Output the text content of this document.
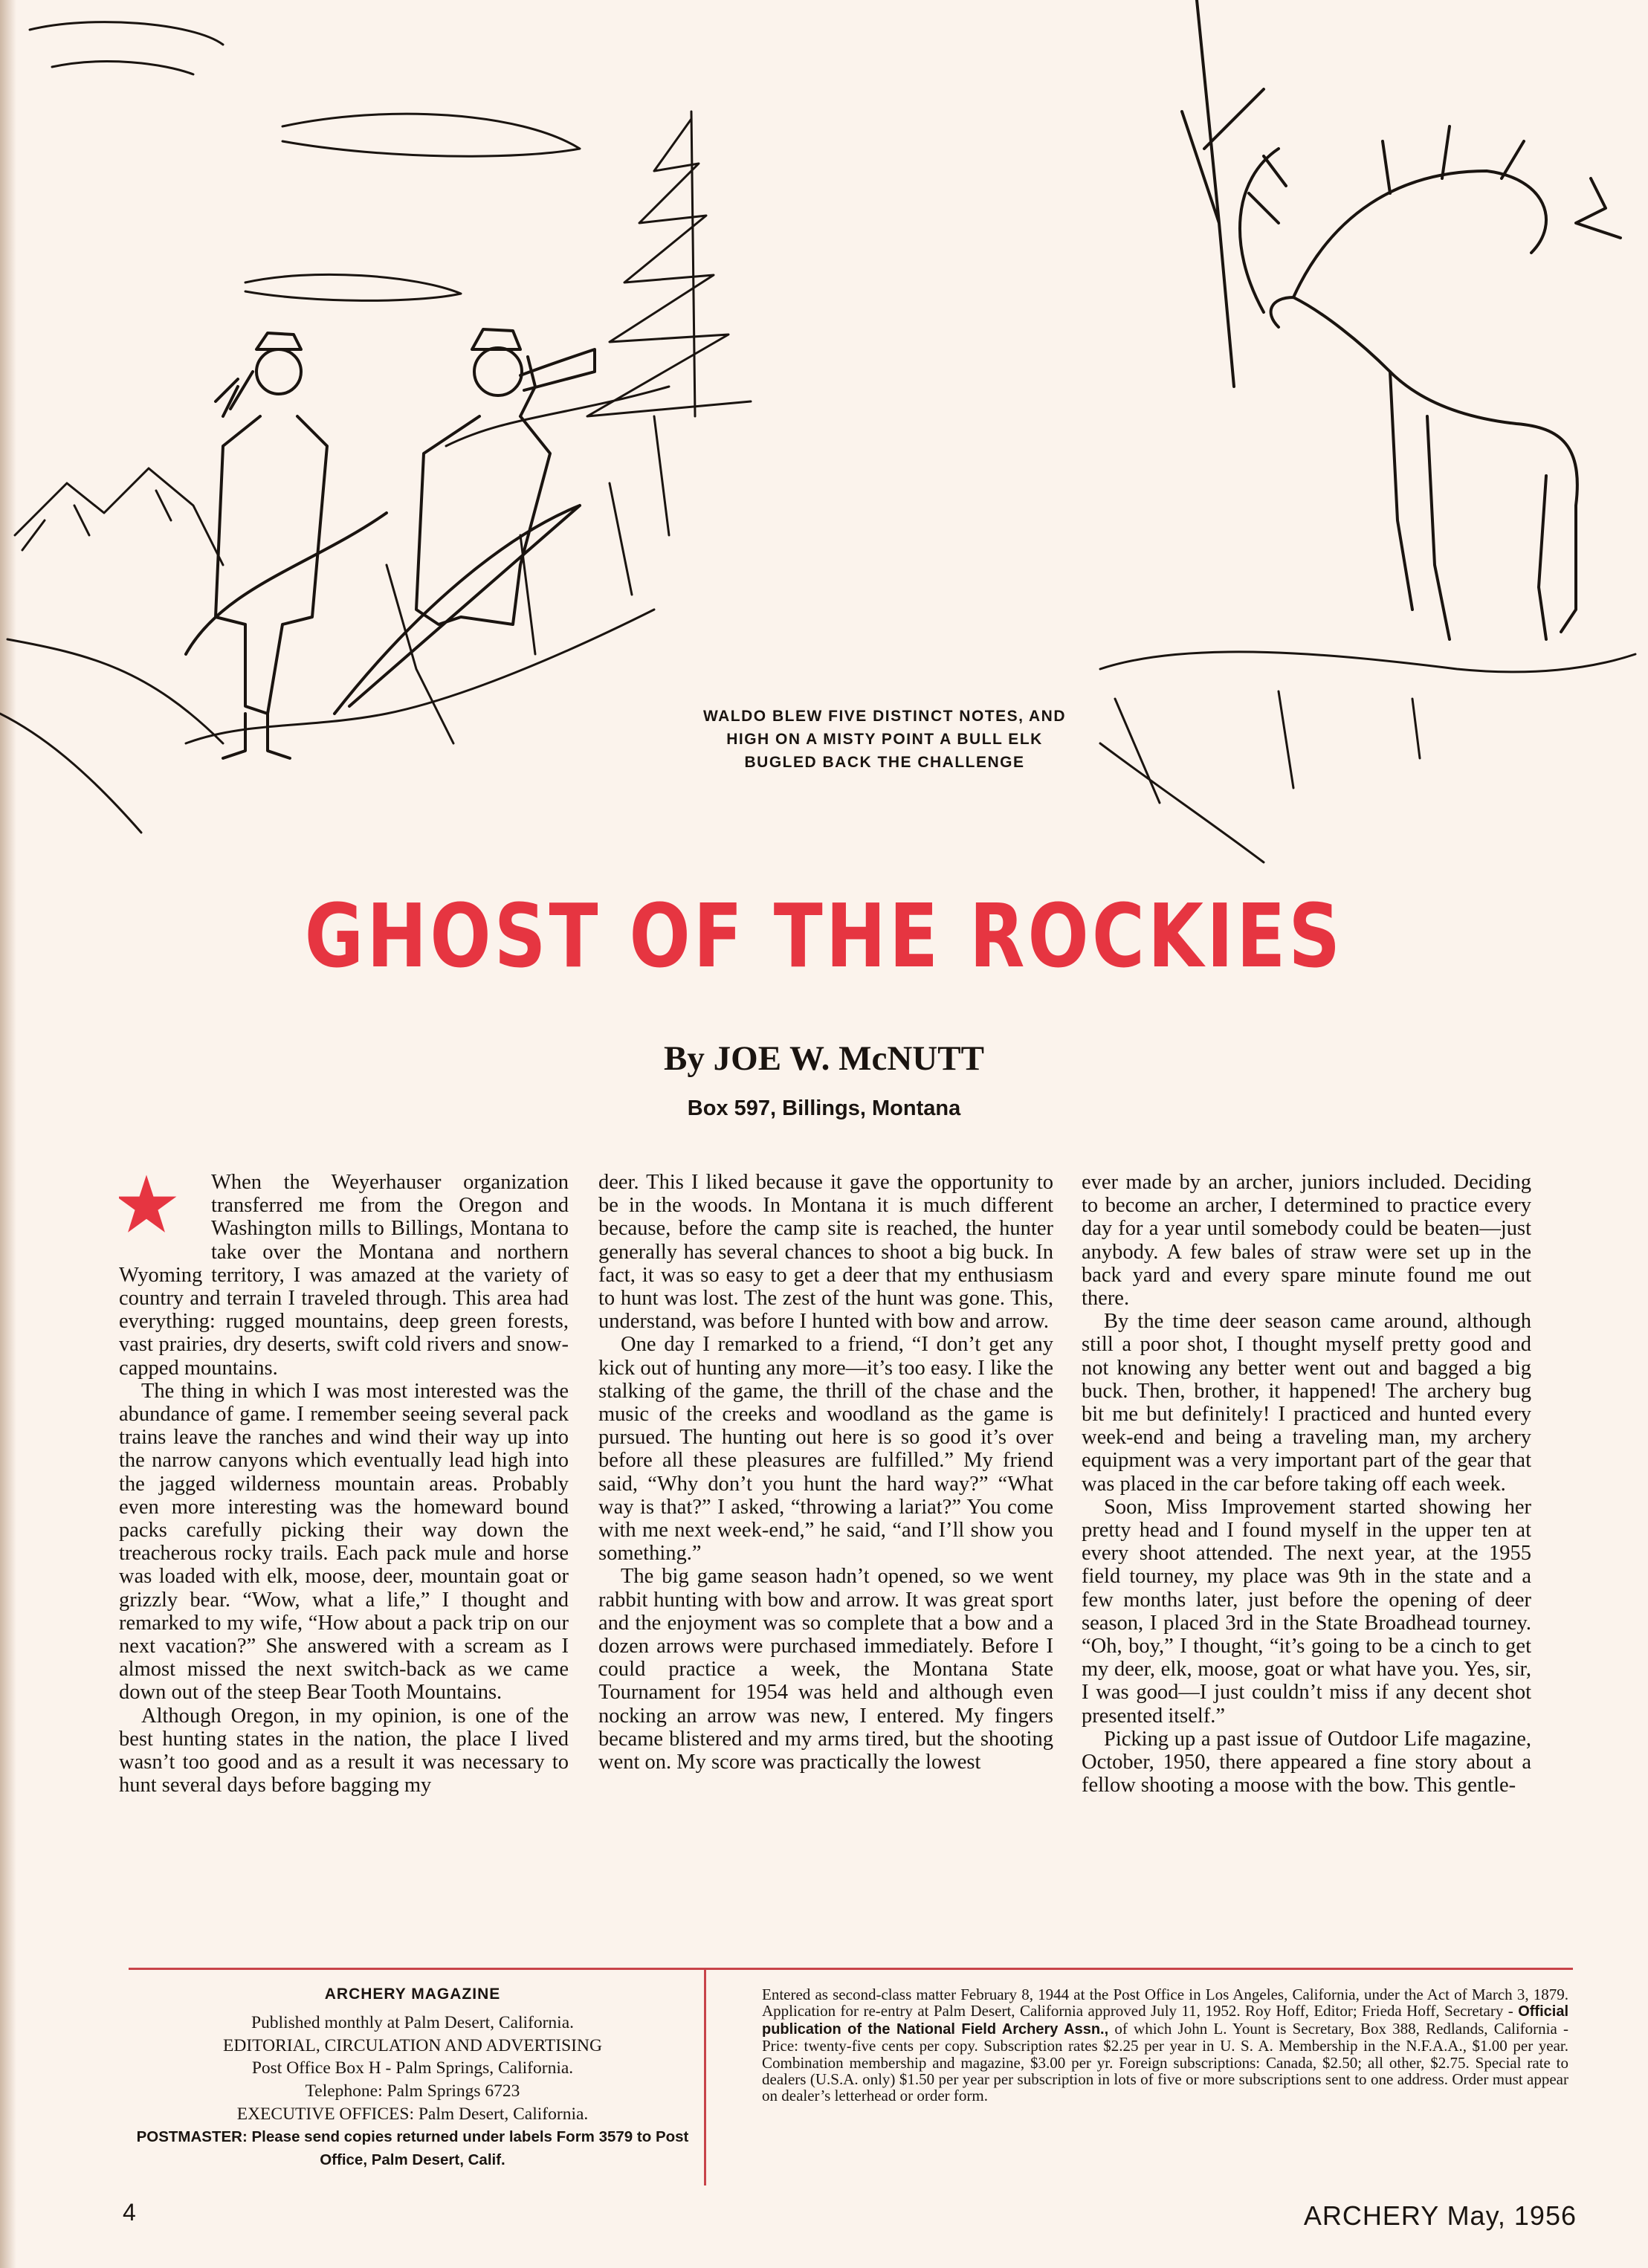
WALDO BLEW FIVE DISTINCT NOTES, AND HIGH ON A MISTY POINT A BULL ELK BUGLED BACK THE CHALLENGE
GHOST OF THE ROCKIES
By JOE W. McNUTT
Box 597, Billings, Montana

When the Weyerhauser organization transferred me from the Oregon and Washington mills to Billings, Montana to take over the Montana and northern Wyoming territory, I was amazed at the variety of country and terrain I traveled through. This area had everything: rugged mountains, deep green forests, vast prairies, dry deserts, swift cold rivers and snow-capped mountains.

The thing in which I was most interested was the abundance of game. I remember seeing several pack trains leave the ranches and wind their way up into the narrow canyons which eventually lead high into the jagged wilderness mountain areas. Probably even more interesting was the homeward bound packs carefully picking their way down the treacherous rocky trails. Each pack mule and horse was loaded with elk, moose, deer, mountain goat or grizzly bear. “Wow, what a life,” I thought and remarked to my wife, “How about a pack trip on our next vacation?” She answered with a scream as I almost missed the next switch-back as we came down out of the steep Bear Tooth Mountains.

Although Oregon, in my opinion, is one of the best hunting states in the nation, the place I lived wasn’t too good and as a result it was necessary to hunt several days before bagging my

deer. This I liked because it gave the opportunity to be in the woods. In Montana it is much different because, before the camp site is reached, the hunter generally has several chances to shoot a big buck. In fact, it was so easy to get a deer that my enthusiasm to hunt was lost. The zest of the hunt was gone. This, understand, was before I hunted with bow and arrow.

One day I remarked to a friend, “I don’t get any kick out of hunting any more—it’s too easy. I like the stalking of the game, the thrill of the chase and the music of the creeks and woodland as the game is pursued. The hunting out here is so good it’s over before all these pleasures are fulfilled.” My friend said, “Why don’t you hunt the hard way?” “What way is that?” I asked, “throwing a lariat?” You come with me next week-end,” he said, “and I’ll show you something.”

The big game season hadn’t opened, so we went rabbit hunting with bow and arrow. It was great sport and the enjoyment was so complete that a bow and a dozen arrows were purchased immediately. Before I could practice a week, the Montana State Tournament for 1954 was held and although even nocking an arrow was new, I entered. My fingers became blistered and my arms tired, but the shooting went on. My score was practically the lowest

ever made by an archer, juniors included. Deciding to become an archer, I determined to practice every day for a year until somebody could be beaten—just anybody. A few bales of straw were set up in the back yard and every spare minute found me out there.

By the time deer season came around, although still a poor shot, I thought myself pretty good and not knowing any better went out and bagged a big buck. Then, brother, it happened! The archery bug bit me but definitely! I practiced and hunted every week-end and being a traveling man, my archery equipment was a very important part of the gear that was placed in the car before taking off each week.

Soon, Miss Improvement started showing her pretty head and I found myself in the upper ten at every shoot attended. The next year, at the 1955 field tourney, my place was 9th in the state and a few months later, just before the opening of deer season, I placed 3rd in the State Broadhead tourney. “Oh, boy,” I thought, “it’s going to be a cinch to get my deer, elk, moose, goat or what have you. Yes, sir, I was good—I just couldn’t miss if any decent shot presented itself.”

Picking up a past issue of Outdoor Life magazine, October, 1950, there appeared a fine story about a fellow shooting a moose with the bow. This gentle-

ARCHERY MAGAZINE
Published monthly at Palm Desert, California.
EDITORIAL, CIRCULATION AND ADVERTISING
Post Office Box H - Palm Springs, California.
Telephone: Palm Springs 6723
EXECUTIVE OFFICES: Palm Desert, California.
POSTMASTER: Please send copies returned under labels Form 3579 to Post Office, Palm Desert, Calif.
Entered as second-class matter February 8, 1944 at the Post Office in Los Angeles, California, under the Act of March 3, 1879. Application for re-entry at Palm Desert, California approved July 11, 1952. Roy Hoff, Editor; Frieda Hoff, Secretary - Official publication of the National Field Archery Assn., of which John L. Yount is Secretary, Box 388, Redlands, California - Price: twenty-five cents per copy. Subscription rates $2.25 per year in U. S. A. Membership in the N.F.A.A., $1.00 per year. Combination membership and magazine, $3.00 per yr. Foreign subscriptions: Canada, $2.50; all other, $2.75. Special rate to dealers (U.S.A. only) $1.50 per year per subscription in lots of five or more subscriptions sent to one address. Order must appear on dealer’s letterhead or order form.
4	ARCHERY May, 1956
